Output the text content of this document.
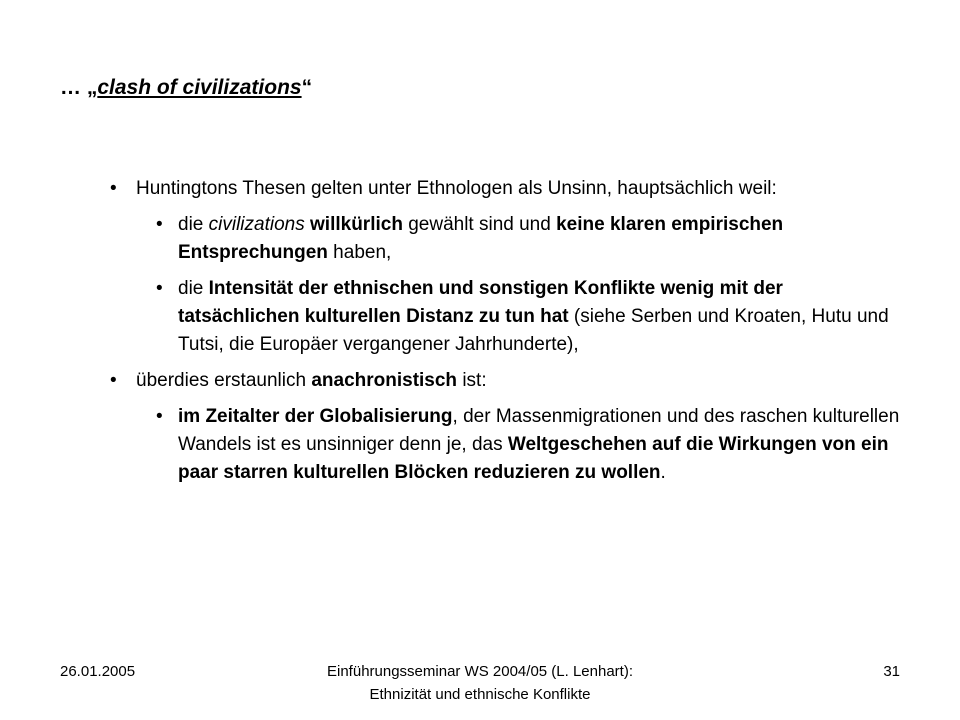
… „clash of civilizations“
• Huntingtons Thesen gelten unter Ethnologen als Unsinn, hauptsächlich weil:
• die civilizations willkürlich gewählt sind und keine klaren empirischen Entsprechungen haben,
• die Intensität der ethnischen und sonstigen Konflikte wenig mit der tatsächlichen kulturellen Distanz zu tun hat (siehe Serben und Kroaten, Hutu und Tutsi, die Europäer vergangener Jahrhunderte),
• überdies erstaunlich anachronistisch ist:
• im Zeitalter der Globalisierung, der Massenmigrationen und des raschen kulturellen Wandels ist es unsinniger denn je, das Weltgeschehen auf die Wirkungen von ein paar starren kulturellen Blöcken reduzieren zu wollen.
26.01.2005	Einführungsseminar WS 2004/05 (L. Lenhart):
Ethnizität und ethnische Konflikte
31
